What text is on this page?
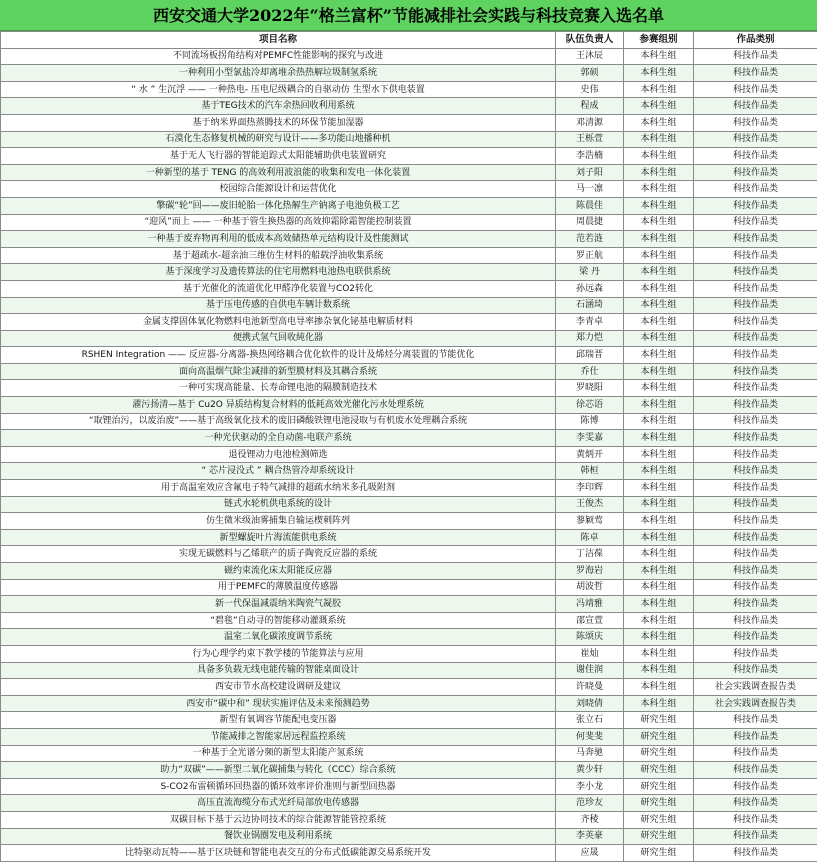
西安交通大学2022年“格兰富杯”节能减排社会实践与科技竞赛入选名单
项目名称	队伍负责人	参赛组别	作品类别
不同流场板拐角结构对PEMFC性能影响的探究与改进	王沐辰	本科生组	科技作品类
一种利用小型氯盐冷却离堆余热热解垃圾制氢系统	郭硕	本科生组	科技作品类
“ 水 ” 生沉浮 —— 一种热电- 压电尼级耦合的自驱动仿 生型水下供电装置	史伟	本科生组	科技作品类
基于TEG技术的汽车余热回收利用系统	程成	本科生组	科技作品类
基于纳米界面热蒸腾技术的环保节能加湿器	邓清源	本科生组	科技作品类
石漠化生态修复机械的研究与设计——多功能山地播种机	王栎萱	本科生组	科技作品类
基于无人飞行器的智能追踪式太阳能辅助供电装置研究	李浩楠	本科生组	科技作品类
一种新型的基于 TENG 的高效利用波浪能的收集和发电一体化装置	刘子阳	本科生组	科技作品类
校园综合能源设计和运营优化	马一凛	本科生组	科技作品类
擎碳“轮”回——废旧轮胎一体化热解生产钠离子电池负极工艺	陈晨佳	本科生组	科技作品类
“迎风”而上 —— 一种基于管生换热器的高效抑霜除霜智能控制装置	周晨捷	本科生组	科技作品类
一种基于废弃物再利用的低成本高效储热单元结构设计及性能测试	范若涟	本科生组	科技作品类
基于超疏水-超亲油三维仿生材料的船载浮油收集系统	罗正航	本科生组	科技作品类
基于深度学习及遗传算法的住宅用燃料电池热电联供系统	梁 丹	本科生组	科技作品类
基于光催化的流道优化甲醛净化装置与CO2转化	孙远森	本科生组	科技作品类
基于压电传感的自供电车辆计数系统	石涵琦	本科生组	科技作品类
金属支撑固体氧化物燃料电池新型高电导率掺杂氧化铋基电解质材料	李青卓	本科生组	科技作品类
便携式氢气回收純化器	郑力恺	本科生组	科技作品类
RSHEN Integration —— 反应器-分离器-换热网络耦合优化软件的设计及烯烃分离装置的节能优化	邱瑞晋	本科生组	科技作品类
面向高温烟气除尘减排的新型膜材料及其耦合系统	乔仕	本科生组	科技作品类
一种可实现高能量、长寿命锂电池的隔膜制造技术	罗晓阳	本科生组	科技作品类
濯污扬清—基于 Cu2O 异质结构复合材料的低耗高效光催化污水处理系统	徐芯语	本科生组	科技作品类
“取锂治污，以废治废”——基于高级氧化技术的废旧磷酸铁锂电池浸取与有机废水处理耦合系统	陈博	本科生组	科技作品类
一种光伏驱动的全自动菌-电联产系统	李雯嘉	本科生组	科技作品类
退役锂动力电池检测筛选	黄炳开	本科生组	科技作品类
“ 芯片浸没式 ” 耦合热管冷却系统设计	韩桓	本科生组	科技作品类
用于高温室效应含氟电子特气减排的超疏水纳米多孔吸附剂	李印辉	本科生组	科技作品类
链式水轮机供电系统的设计	王俊杰	本科生组	科技作品类
仿生微米级油雾捕集自输运楔刺阵列	蓼颖莺	本科生组	科技作品类
新型螺旋叶片海流能供电系统	陈卓	本科生组	科技作品类
实现无碳燃料与乙烯联产的质子陶瓷反应器的系统	丁洁葆	本科生组	科技作品类
磁约束流化床太阳能反应器	罗海岩	本科生组	科技作品类
用于PEMFC的薄膜温度传感器	胡波哲	本科生组	科技作品类
新一代保温减震纳米陶瓷气凝胶	冯靖雅	本科生组	科技作品类
“碧毯”自动寻的智能移动灌溉系统	邵宣萱	本科生组	科技作品类
温室二氧化碳浓度调节系统	陈颂庆	本科生组	科技作品类
行为心理学约束下教学楼的节能算法与应用	崔灿	本科生组	科技作品类
具备多负载无线电能传输的智能桌面设计	谢佳润	本科生组	科技作品类
西安市节水高校建设调研及建议	许晓曼	本科生组	社会实践调查报告类
西安市“碳中和” 现状实施评估及未来预测趋势	刘晓倩	本科生组	社会实践调查报告类
新型有氧调容节能配电变压器	张立石	研究生组	科技作品类
节能减排之智能家居远程监控系统	何斐斐	研究生组	科技作品类
一种基于全光谱分频的新型太阳能产氢系统	马奔驰	研究生组	科技作品类
助力“双碳”——新型二氧化碳捕集与转化（CCC）综合系统	黄少轩	研究生组	科技作品类
S-CO2布雷顿循环回热器的循环效率评价准则与新型回热器	李小龙	研究生组	科技作品类
高压直流海缆分布式光纤局部放电传感器	范珍友	研究生组	科技作品类
双碳目标下基于云边协同技术的综合能源智能管控系统	齐稜	研究生组	科技作品类
餐饮业锅圈发电及利用系统	李英豪	研究生组	科技作品类
比特驱动瓦特——基于区块链和智能电表交互的分布式低碳能源交易系统开发	应晟	研究生组	科技作品类
